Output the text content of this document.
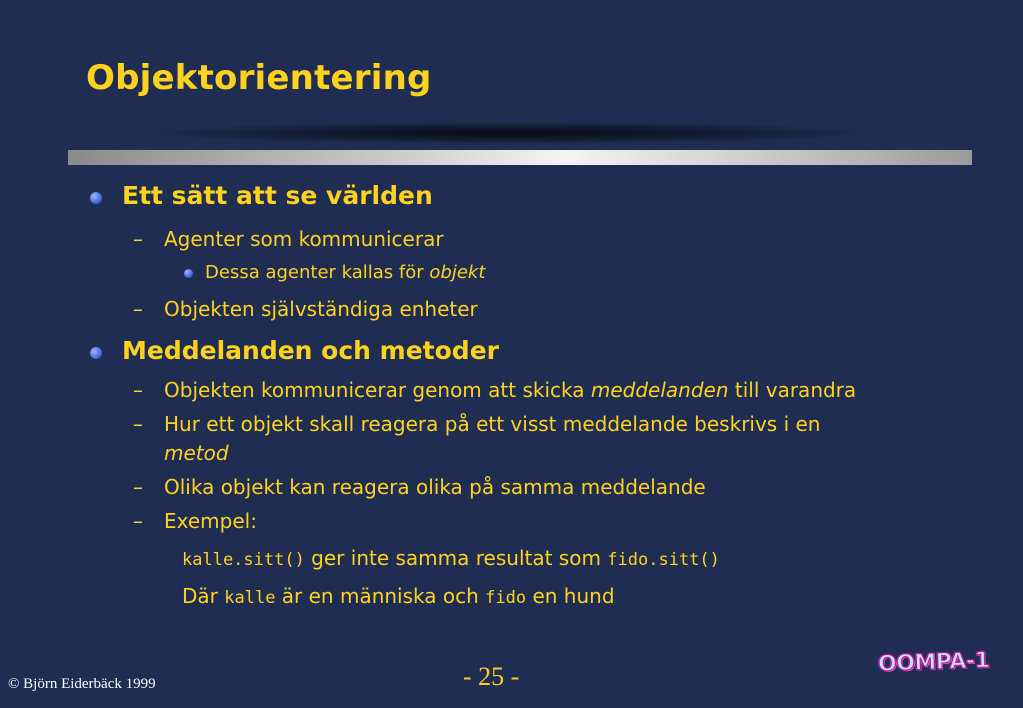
Objektorientering
Ett sätt att se världen
– Agenter som kommunicerar
Dessa agenter kallas för objekt
– Objekten självständiga enheter
Meddelanden och metoder
– Objekten kommunicerar genom att skicka meddelanden till varandra
– Hur ett objekt skall reagera på ett visst meddelande beskrivs i en
metod
– Olika objekt kan reagera olika på samma meddelande
– Exempel:
kalle.sitt() ger inte samma resultat som fido.sitt()
Där kalle är en människa och fido en hund
© Björn Eiderbäck 1999	- 25 -	OOMPA-1
